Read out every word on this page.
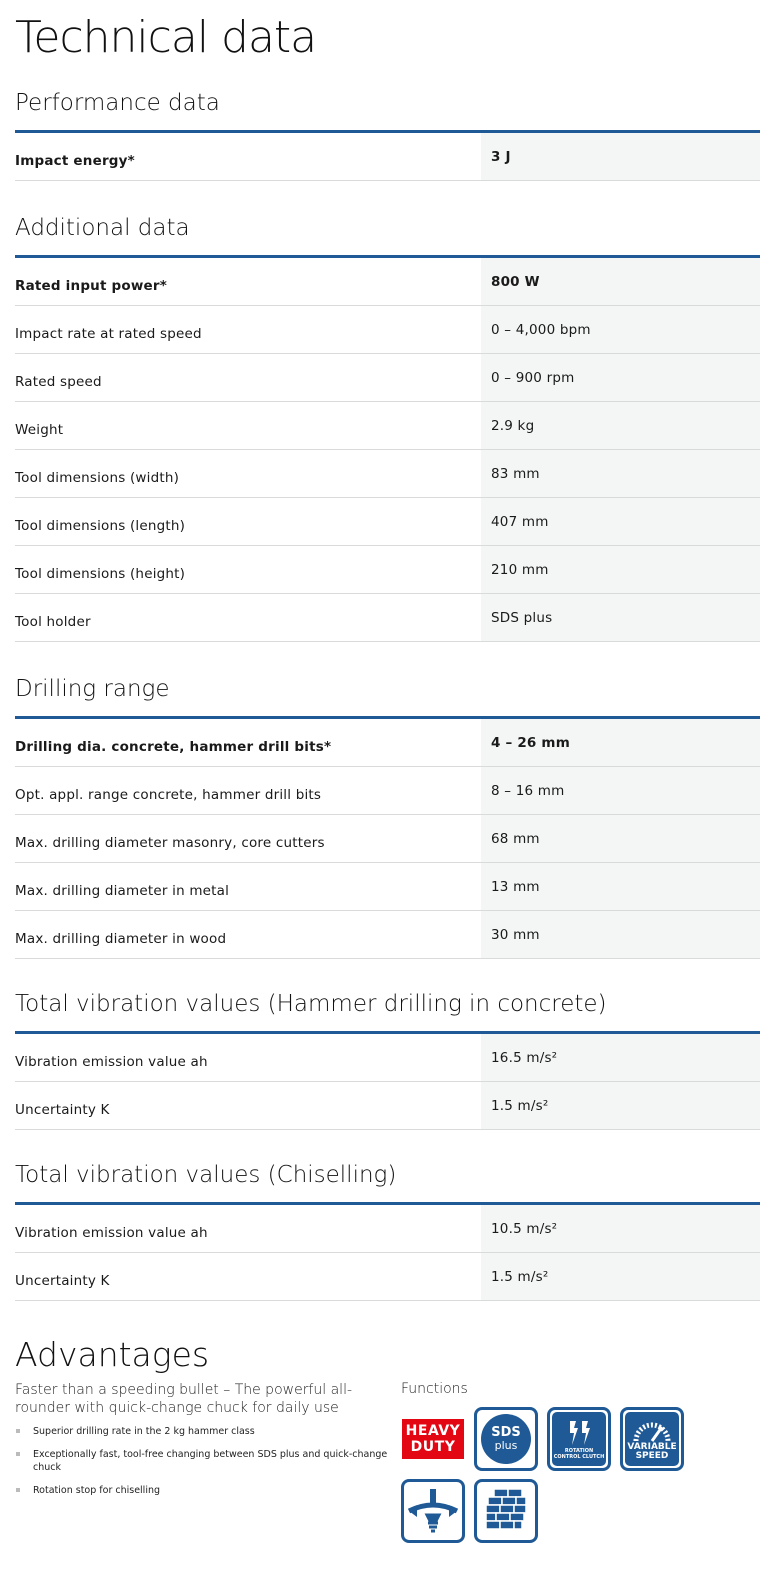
Technical data
Performance data
Impact energy*	3 J
Additional data
Rated input power*	800 W
Impact rate at rated speed	0 – 4,000 bpm
Rated speed	0 – 900 rpm
Weight	2.9 kg
Tool dimensions (width)	83 mm
Tool dimensions (length)	407 mm
Tool dimensions (height)	210 mm
Tool holder	SDS plus
Drilling range
Drilling dia. concrete, hammer drill bits*	4 – 26 mm
Opt. appl. range concrete, hammer drill bits	8 – 16 mm
Max. drilling diameter masonry, core cutters	68 mm
Max. drilling diameter in metal	13 mm
Max. drilling diameter in wood	30 mm
Total vibration values (Hammer drilling in concrete)
Vibration emission value ah	16.5 m/s²
Uncertainty K	1.5 m/s²
Total vibration values (Chiselling)
Vibration emission value ah	10.5 m/s²
Uncertainty K	1.5 m/s²
Advantages

Faster than a speeding bullet – The powerful all-rounder with quick-change chuck for daily use

Superior drilling rate in the 2 kg hammer class
Exceptionally fast, tool-free changing between SDS plus and quick-change chuck
Rotation stop for chiselling

Functions

HEAVY DUTY
SDS
plus	ROTATION CONTROL CLUTCH
VARIABLE
SPEED
